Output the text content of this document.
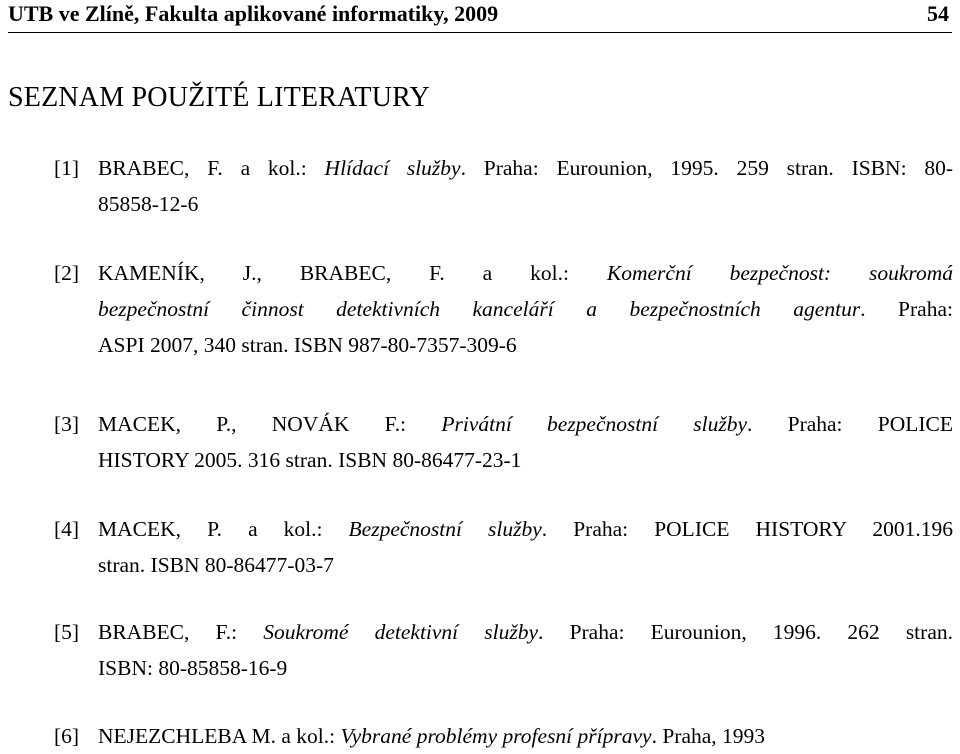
UTB ve Zlíně, Fakulta aplikované informatiky, 2009	54
SEZNAM POUŽITÉ LITERATURY
[1] BRABEC, F. a kol.: Hlídací služby. Praha: Eurounion, 1995. 259 stran. ISBN: 80-
85858-12-6
[2] KAMENÍK, J., BRABEC, F. a kol.: Komerční bezpečnost: soukromá
bezpečnostní činnost detektivních kanceláří a bezpečnostních agentur. Praha:
ASPI 2007, 340 stran. ISBN 987-80-7357-309-6
[3] MACEK, P., NOVÁK F.: Privátní bezpečnostní služby. Praha: POLICE
HISTORY 2005. 316 stran. ISBN 80-86477-23-1
[4] MACEK, P. a kol.: Bezpečnostní služby. Praha: POLICE HISTORY 2001.196
stran. ISBN 80-86477-03-7
[5] BRABEC, F.: Soukromé detektivní služby. Praha: Eurounion, 1996. 262 stran.
ISBN: 80-85858-16-9
[6] NEJEZCHLEBA M. a kol.: Vybrané problémy profesní přípravy. Praha, 1993
